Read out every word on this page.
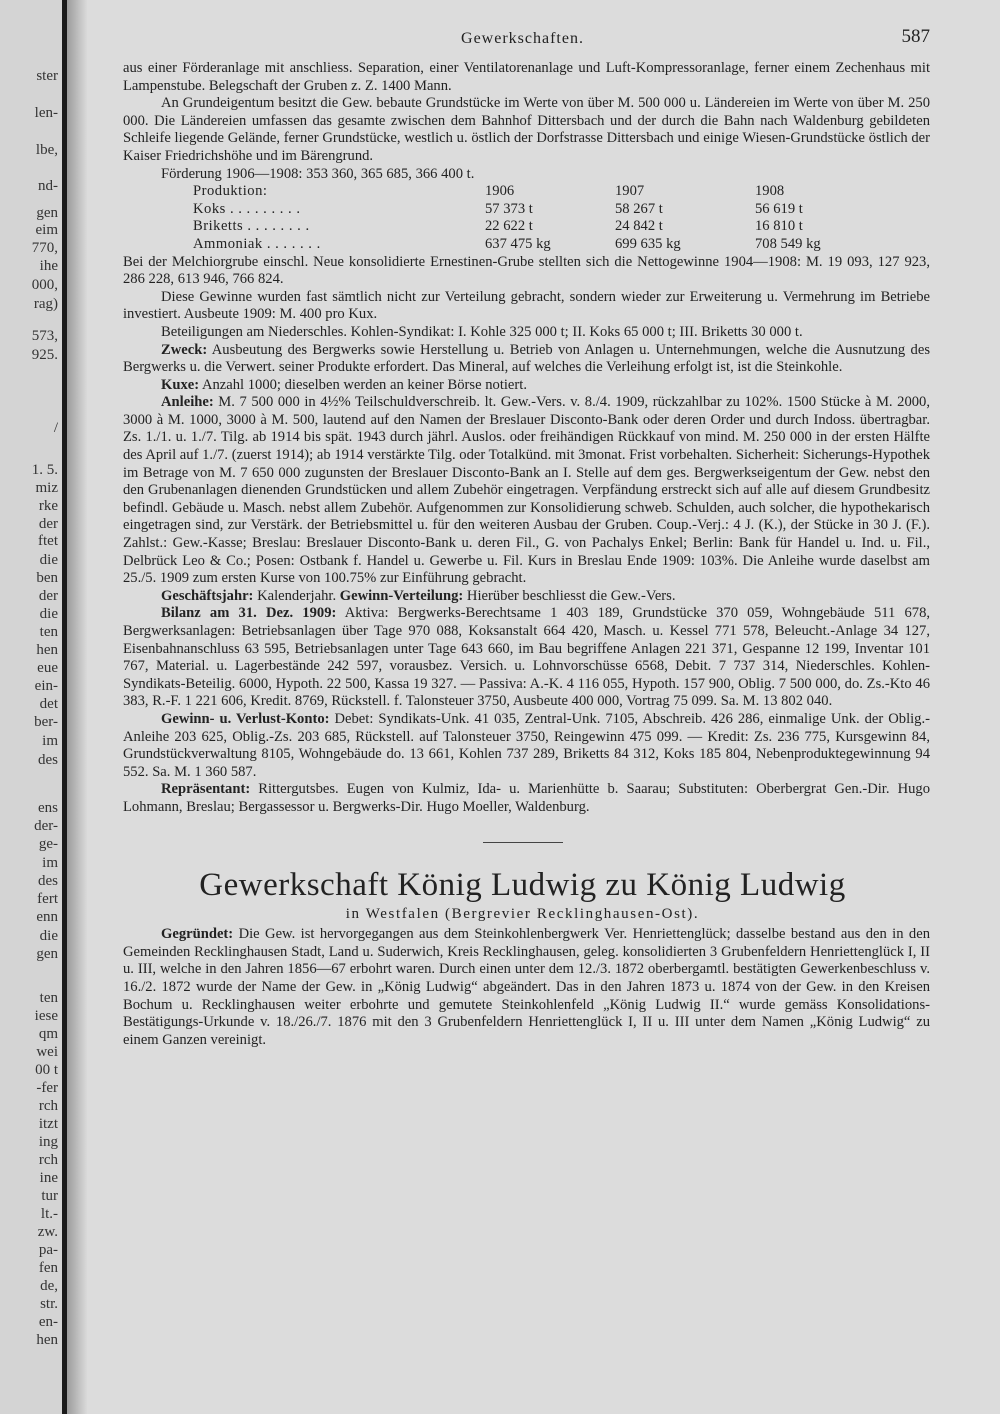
ster
len-
lbe,
nd-
gen
eim
770,
ihe
000,
rag)
573,
925.
/
1. 5.
miz
rke
der
ftet
die
ben
der
die
ten
hen
eue
ein-
det
ber-
im
des
ens
der-
ge-
im
des
fert
enn
die
gen
ten
iese
qm
wei
00 t
-fer
rch
itzt
ing
rch
ine
tur
lt.-
zw.
pa-
fen
de,
str.
en-
hen
Gewerkschaften.	587

aus einer Förderanlage mit anschliess. Separation, einer Ventilatorenanlage und Luft-Kompressoranlage, ferner einem Zechenhaus mit Lampenstube. Belegschaft der Gruben z. Z. 1400 Mann.

An Grundeigentum besitzt die Gew. bebaute Grundstücke im Werte von über M. 500 000 u. Ländereien im Werte von über M. 250 000. Die Ländereien umfassen das gesamte zwischen dem Bahnhof Dittersbach und der durch die Bahn nach Waldenburg gebildeten Schleife liegende Gelände, ferner Grundstücke, westlich u. östlich der Dorfstrasse Dittersbach und einige Wiesen-Grundstücke östlich der Kaiser Friedrichshöhe und im Bärengrund.

Förderung 1906—1908: 353 360, 365 685, 366 400 t.

Produktion:	1906	1907	1908
Koks . . . . . . . . .	57 373 t	58 267 t	56 619 t
Briketts . . . . . . . .	22 622 t	24 842 t	16 810 t
Ammoniak . . . . . . .	637 475 kg	699 635 kg	708 549 kg

Bei der Melchiorgrube einschl. Neue konsolidierte Ernestinen-Grube stellten sich die Nettogewinne 1904—1908: M. 19 093, 127 923, 286 228, 613 946, 766 824.

Diese Gewinne wurden fast sämtlich nicht zur Verteilung gebracht, sondern wieder zur Erweiterung u. Vermehrung im Betriebe investiert. Ausbeute 1909: M. 400 pro Kux.

Beteiligungen am Niederschles. Kohlen-Syndikat: I. Kohle 325 000 t; II. Koks 65 000 t; III. Briketts 30 000 t.

Zweck: Ausbeutung des Bergwerks sowie Herstellung u. Betrieb von Anlagen u. Unternehmungen, welche die Ausnutzung des Bergwerks u. die Verwert. seiner Produkte erfordert. Das Mineral, auf welches die Verleihung erfolgt ist, ist die Steinkohle.

Kuxe: Anzahl 1000; dieselben werden an keiner Börse notiert.

Anleihe: M. 7 500 000 in 4½% Teilschuldverschreib. lt. Gew.-Vers. v. 8./4. 1909, rückzahlbar zu 102%. 1500 Stücke à M. 2000, 3000 à M. 1000, 3000 à M. 500, lautend auf den Namen der Breslauer Disconto-Bank oder deren Order und durch Indoss. übertragbar. Zs. 1./1. u. 1./7. Tilg. ab 1914 bis spät. 1943 durch jährl. Auslos. oder freihändigen Rückkauf von mind. M. 250 000 in der ersten Hälfte des April auf 1./7. (zuerst 1914); ab 1914 verstärkte Tilg. oder Totalkünd. mit 3monat. Frist vorbehalten. Sicherheit: Sicherungs-Hypothek im Betrage von M. 7 650 000 zugunsten der Breslauer Disconto-Bank an I. Stelle auf dem ges. Bergwerkseigentum der Gew. nebst den den Grubenanlagen dienenden Grundstücken und allem Zubehör eingetragen. Verpfändung erstreckt sich auf alle auf diesem Grundbesitz befindl. Gebäude u. Masch. nebst allem Zubehör. Aufgenommen zur Konsolidierung schweb. Schulden, auch solcher, die hypothekarisch eingetragen sind, zur Verstärk. der Betriebsmittel u. für den weiteren Ausbau der Gruben. Coup.-Verj.: 4 J. (K.), der Stücke in 30 J. (F.). Zahlst.: Gew.-Kasse; Breslau: Breslauer Disconto-Bank u. deren Fil., G. von Pachalys Enkel; Berlin: Bank für Handel u. Ind. u. Fil., Delbrück Leo & Co.; Posen: Ostbank f. Handel u. Gewerbe u. Fil. Kurs in Breslau Ende 1909: 103%. Die Anleihe wurde daselbst am 25./5. 1909 zum ersten Kurse von 100.75% zur Einführung gebracht.

Geschäftsjahr: Kalenderjahr. Gewinn-Verteilung: Hierüber beschliesst die Gew.-Vers.

Bilanz am 31. Dez. 1909: Aktiva: Bergwerks-Berechtsame 1 403 189, Grundstücke 370 059, Wohngebäude 511 678, Bergwerksanlagen: Betriebsanlagen über Tage 970 088, Koksanstalt 664 420, Masch. u. Kessel 771 578, Beleucht.-Anlage 34 127, Eisenbahnanschluss 63 595, Betriebsanlagen unter Tage 643 660, im Bau begriffene Anlagen 221 371, Gespanne 12 199, Inventar 101 767, Material. u. Lagerbestände 242 597, vorausbez. Versich. u. Lohnvorschüsse 6568, Debit. 7 737 314, Niederschles. Kohlen-Syndikats-Beteilig. 6000, Hypoth. 22 500, Kassa 19 327. — Passiva: A.-K. 4 116 055, Hypoth. 157 900, Oblig. 7 500 000, do. Zs.-Kto 46 383, R.-F. 1 221 606, Kredit. 8769, Rückstell. f. Talonsteuer 3750, Ausbeute 400 000, Vortrag 75 099. Sa. M. 13 802 040.

Gewinn- u. Verlust-Konto: Debet: Syndikats-Unk. 41 035, Zentral-Unk. 7105, Abschreib. 426 286, einmalige Unk. der Oblig.-Anleihe 203 625, Oblig.-Zs. 203 685, Rückstell. auf Talonsteuer 3750, Reingewinn 475 099. — Kredit: Zs. 236 775, Kursgewinn 84, Grundstückverwaltung 8105, Wohngebäude do. 13 661, Kohlen 737 289, Briketts 84 312, Koks 185 804, Nebenproduktegewinnung 94 552. Sa. M. 1 360 587.

Repräsentant: Rittergutsbes. Eugen von Kulmiz, Ida- u. Marienhütte b. Saarau; Substituten: Oberbergrat Gen.-Dir. Hugo Lohmann, Breslau; Bergassessor u. Bergwerks-Dir. Hugo Moeller, Waldenburg.

Gewerkschaft König Ludwig zu König Ludwig
in Westfalen (Bergrevier Recklinghausen-Ost).

Gegründet: Die Gew. ist hervorgegangen aus dem Steinkohlenbergwerk Ver. Henriettenglück; dasselbe bestand aus den in den Gemeinden Recklinghausen Stadt, Land u. Suderwich, Kreis Recklinghausen, geleg. konsolidierten 3 Grubenfeldern Henriettenglück I, II u. III, welche in den Jahren 1856—67 erbohrt waren. Durch einen unter dem 12./3. 1872 oberbergamtl. bestätigten Gewerkenbeschluss v. 16./2. 1872 wurde der Name der Gew. in „König Ludwig“ abgeändert. Das in den Jahren 1873 u. 1874 von der Gew. in den Kreisen Bochum u. Recklinghausen weiter erbohrte und gemutete Steinkohlenfeld „König Ludwig II.“ wurde gemäss Konsolidations-Bestätigungs-Urkunde v. 18./26./7. 1876 mit den 3 Grubenfeldern Henriettenglück I, II u. III unter dem Namen „König Ludwig“ zu einem Ganzen vereinigt.
